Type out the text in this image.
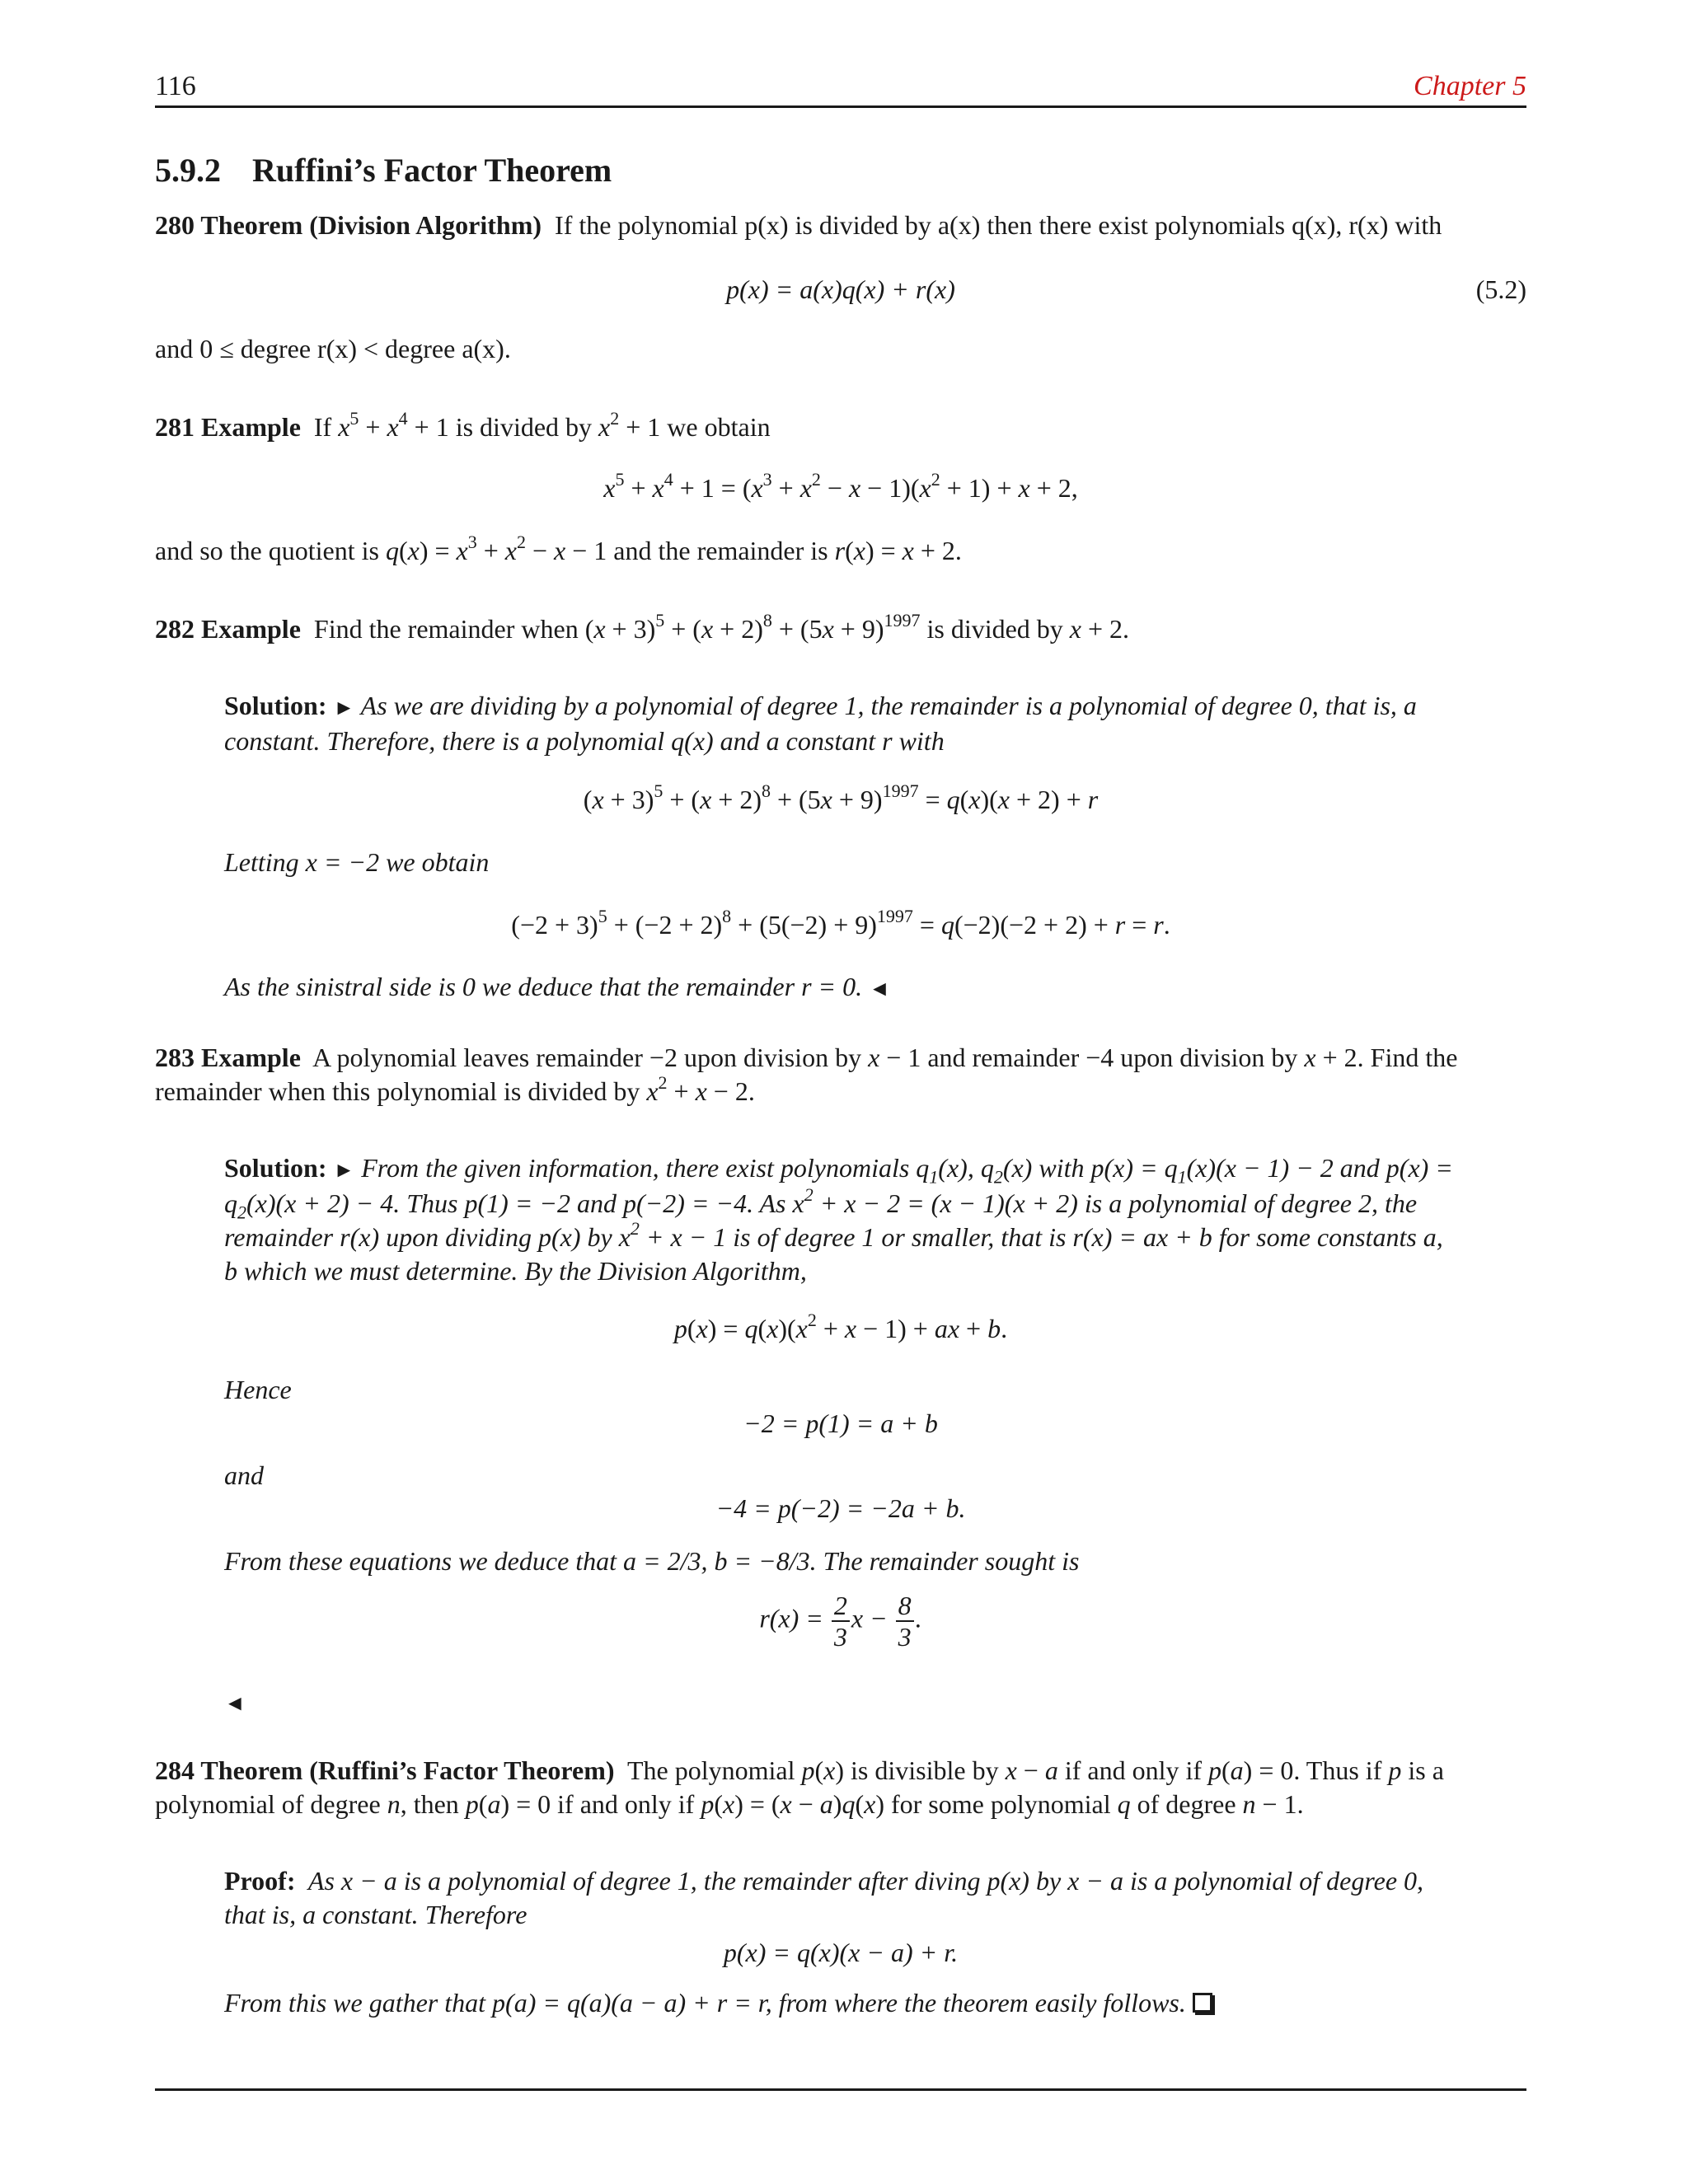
116	Chapter 5
5.9.2 Ruffini’s Factor Theorem
280 Theorem (Division Algorithm) If the polynomial p(x) is divided by a(x) then there exist polynomials q(x), r(x) with
p(x) = a(x)q(x) + r(x)	(5.2)
and 0 ≤ degree r(x) < degree a(x).
281 Example If $x^5 + x^4 + 1$ is divided by $x^2 + 1$ we obtain
$x^5 + x^4 + 1 = (x^3 + x^2 - x - 1)(x^2 + 1) + x + 2$,
and so the quotient is $q(x) = x^3 + x^2 - x - 1$ and the remainder is r(x) = x + 2.
282 Example Find the remainder when $(x + 3)^5 + (x + 2)^8 + (5x + 9)^{1997}$ is divided by x + 2.
Solution: ► As we are dividing by a polynomial of degree 1, the remainder is a polynomial of degree 0, that is, a constant. Therefore, there is a polynomial q(x) and a constant r with
$(x + 3)^5 + (x + 2)^8 + (5x + 9)^{1997} = q(x)(x + 2) + r$
Letting x = −2 we obtain
$(-2 + 3)^5 + (-2 + 2)^8 + (5(-2) + 9)^{1997} = q(-2)(-2 + 2) + r = r$.
As the sinistral side is 0 we deduce that the remainder r = 0. ◄
283 Example A polynomial leaves remainder −2 upon division by x − 1 and remainder −4 upon division by x + 2. Find the remainder when this polynomial is divided by $x^2 + x - 2$.
Solution: ► From the given information, there exist polynomials $q_1(x)$, $q_2(x)$ with $p(x) = q_1(x)(x - 1) - 2$ and $p(x) = q_2(x)(x + 2) - 4$. Thus p(1) = −2 and p(−2) = −4. As $x^2 + x - 2 = (x - 1)(x + 2)$ is a polynomial of degree 2, the remainder r(x) upon dividing p(x) by $x^2 + x - 1$ is of degree 1 or smaller, that is r(x) = ax + b for some constants a, b which we must determine. By the Division Algorithm,
$p(x) = q(x)(x^2 + x - 1)$ + ax + b.
Hence
−2 = p(1) = a + b
and
−4 = p(−2) = −2a + b.
From these equations we deduce that a = 2/3, b = −8/3. The remainder sought is
$r(x) = \frac{2}{3}$ $x - \frac{8}{3}$ .
◄
284 Theorem (Ruffini’s Factor Theorem) The polynomial p(x) is divisible by x − a if and only if p(a) = 0. Thus if p is a polynomial of degree n, then p(a) = 0 if and only if p(x) = (x − a)q(x) for some polynomial q of degree n − 1.
Proof: As x − a is a polynomial of degree 1, the remainder after diving p(x) by x − a is a polynomial of degree 0, that is, a constant. Therefore
p(x) = q(x)(x − a) + r.
From this we gather that p(a) = q(a)(a − a) + r = r, from where the theorem easily follows.
